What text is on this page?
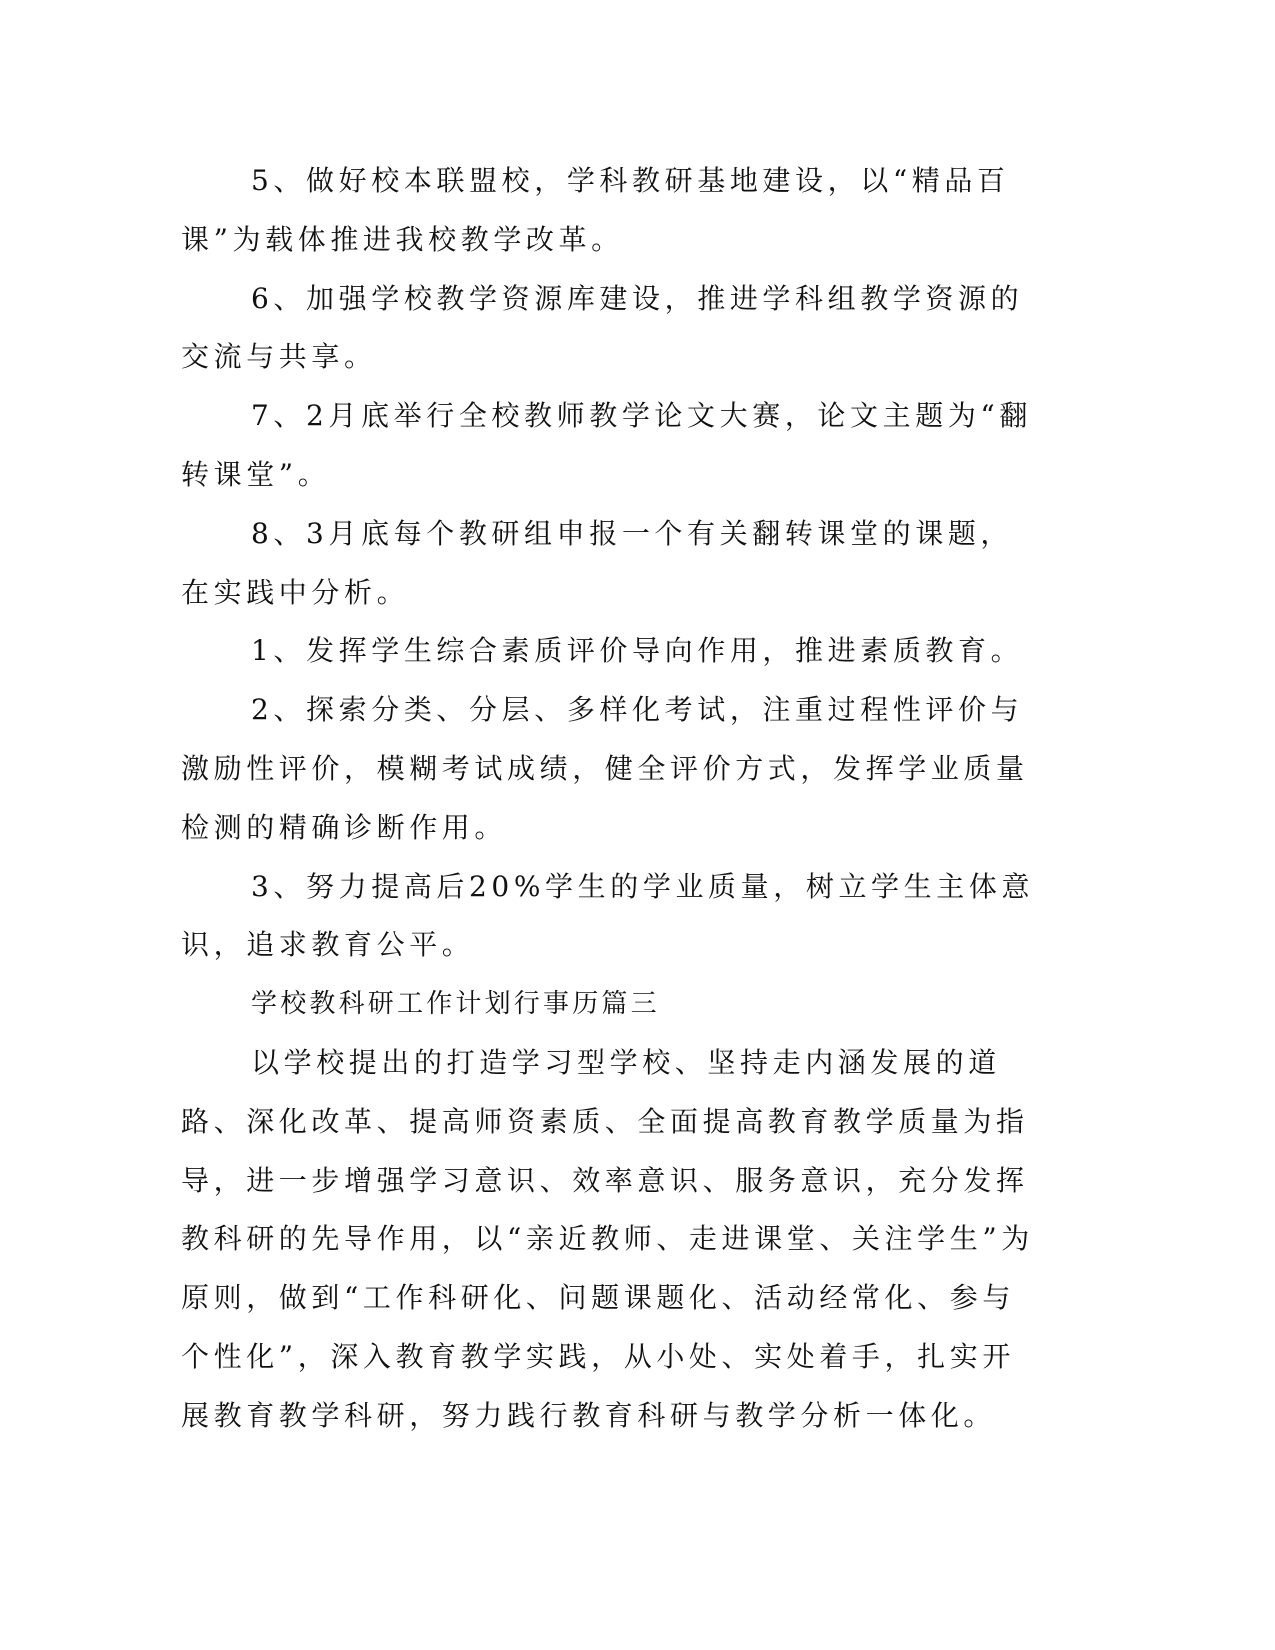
5、做好校本联盟校，学科教研基地建设，以“精品百课”为载体推进我校教学改革。

6、加强学校教学资源库建设，推进学科组教学资源的交流与共享。

7、2月底举行全校教师教学论文大赛，论文主题为“翻转课堂”。

8、3月底每个教研组申报一个有关翻转课堂的课题，在实践中分析。

1、发挥学生综合素质评价导向作用，推进素质教育。

2、探索分类、分层、多样化考试，注重过程性评价与激励性评价，模糊考试成绩，健全评价方式，发挥学业质量检测的精确诊断作用。

3、努力提高后20%学生的学业质量，树立学生主体意识，追求教育公平。

学校教科研工作计划行事历篇三

以学校提出的打造学习型学校、坚持走内涵发展的道路、深化改革、提高师资素质、全面提高教育教学质量为指导，进一步增强学习意识、效率意识、服务意识，充分发挥教科研的先导作用，以“亲近教师、走进课堂、关注学生”为原则，做到“工作科研化、问题课题化、活动经常化、参与个性化”，深入教育教学实践，从小处、实处着手，扎实开展教育教学科研，努力践行教育科研与教学分析一体化。
